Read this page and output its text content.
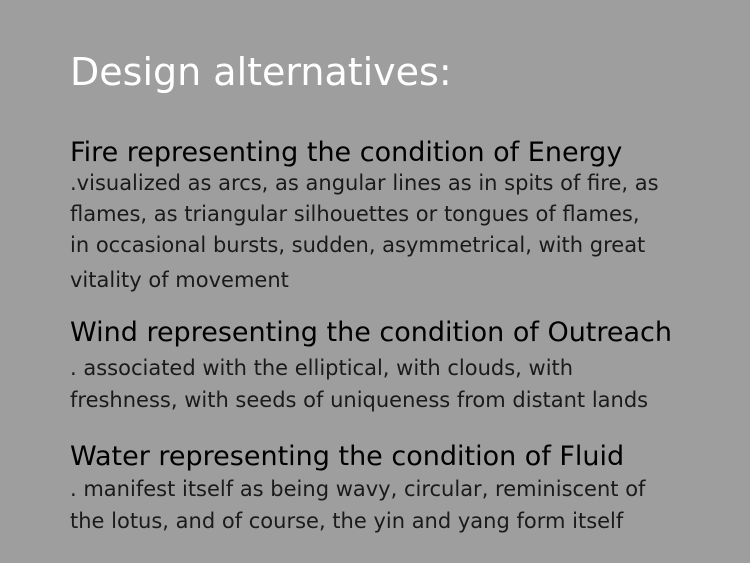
Design alternatives:
Fire representing the condition of Energy
.visualized as arcs, as angular lines as in spits of fire, as
flames, as triangular silhouettes or tongues of flames,
in occasional bursts, sudden, asymmetrical, with great
vitality of movement
Wind representing the condition of Outreach
. associated with the elliptical, with clouds, with
freshness, with seeds of uniqueness from distant lands
Water representing the condition of Fluid
. manifest itself as being wavy, circular, reminiscent of
the lotus, and of course, the yin and yang form itself
